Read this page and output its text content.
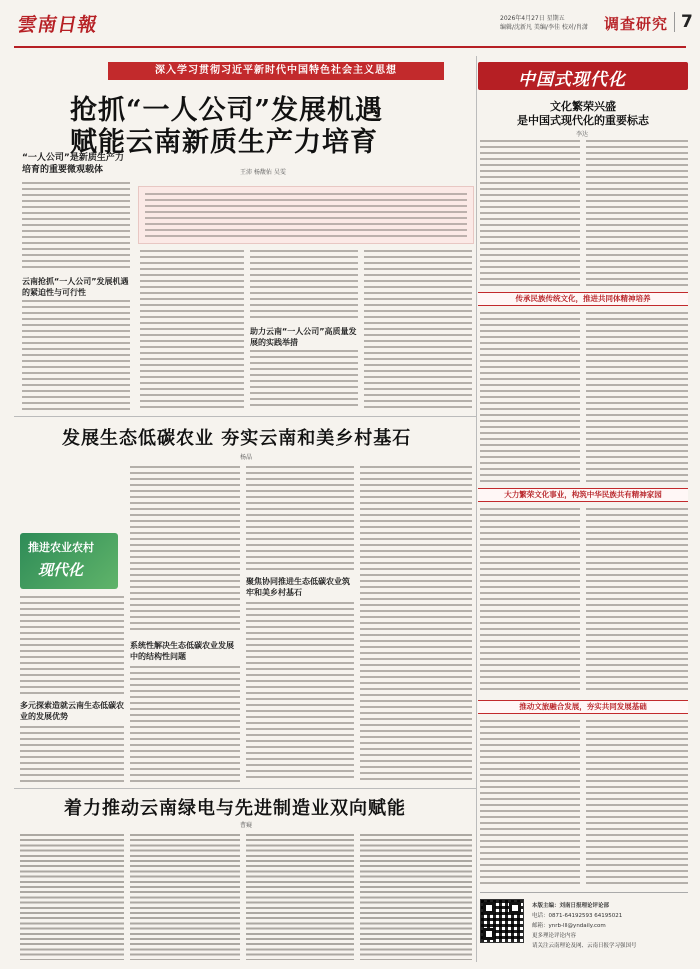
雲南日報	2026年4月27日 星期五
编辑/沈新凡 美编/李佳 校对/肖潇	调查研究 7
深入学习贯彻习近平新时代中国特色社会主义思想
抢抓“一人公司”发展机遇
赋能云南新质生产力培育
王沛 杨馥佑 吴雯
“一人公司”是新质生产力培育的重要微观载体
云南抢抓“一人公司”发展机遇的紧迫性与可行性
助力云南“一人公司”高质量发展的实践举措
发展生态低碳农业 夯实云南和美乡村基石
杨晶
推进农业农村
现代化
多元探索造就云南生态低碳农业的发展优势
系统性解决生态低碳农业发展中的结构性问题
聚焦协同推进生态低碳农业筑牢和美乡村基石
着力推动云南绿电与先进制造业双向赋能
曹嶷
中国式现代化
文化繁荣兴盛
是中国式现代化的重要标志
李达
传承民族传统文化，推进共同体精神培养
大力繁荣文化事业，构筑中华民族共有精神家园
推动文旅融合发展，夯实共同发展基础
本版主编：刘南日报理论评论部
电话：0871-64192593 64195021
邮箱：ynrb-lll@yndaily.com
更多理论评论内容
请关注云南理论及网、云南日报学习强国号
